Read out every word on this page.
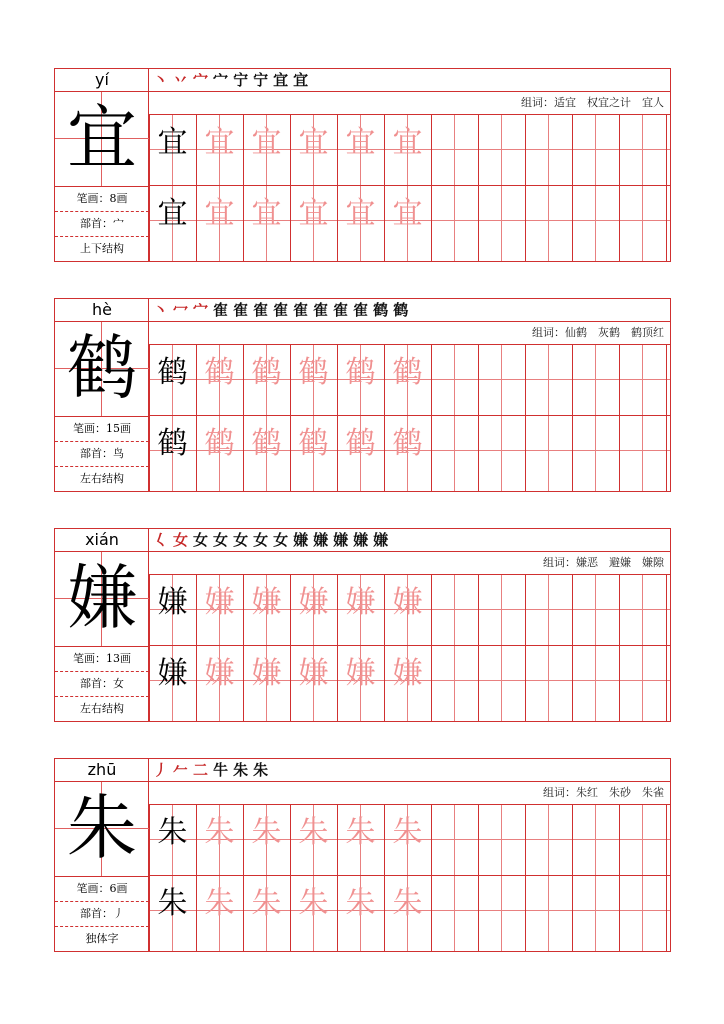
yí
宜
笔画：8画
部首：宀
上下结构
丶 丷 宀 宀 宁 宁 宜 宜
组词：适宜　权宜之计　宜人
宜 宜 宜 宜 宜 宜
宜 宜 宜 宜 宜 宜
hè
鹤
笔画：15画
部首：鸟
左右结构
丶 冖 宀 隺 隺 隺 隺 隺 隺 隺 隺 鹤 鹤
组词：仙鹤　灰鹤　鹤顶红
鹤 鹤 鹤 鹤 鹤 鹤
鹤 鹤 鹤 鹤 鹤 鹤
xián
嫌
笔画：13画
部首：女
左右结构
𡿨 女 女 女 女 女 女 嫌 嫌 嫌 嫌 嫌
组词：嫌恶　避嫌　嫌隙
嫌 嫌 嫌 嫌 嫌 嫌
嫌 嫌 嫌 嫌 嫌 嫌
zhū
朱
笔画：6画
部首：丿
独体字
丿 𠂉 二 牛 朱 朱
组词：朱红　朱砂　朱雀
朱 朱 朱 朱 朱 朱
朱 朱 朱 朱 朱 朱
